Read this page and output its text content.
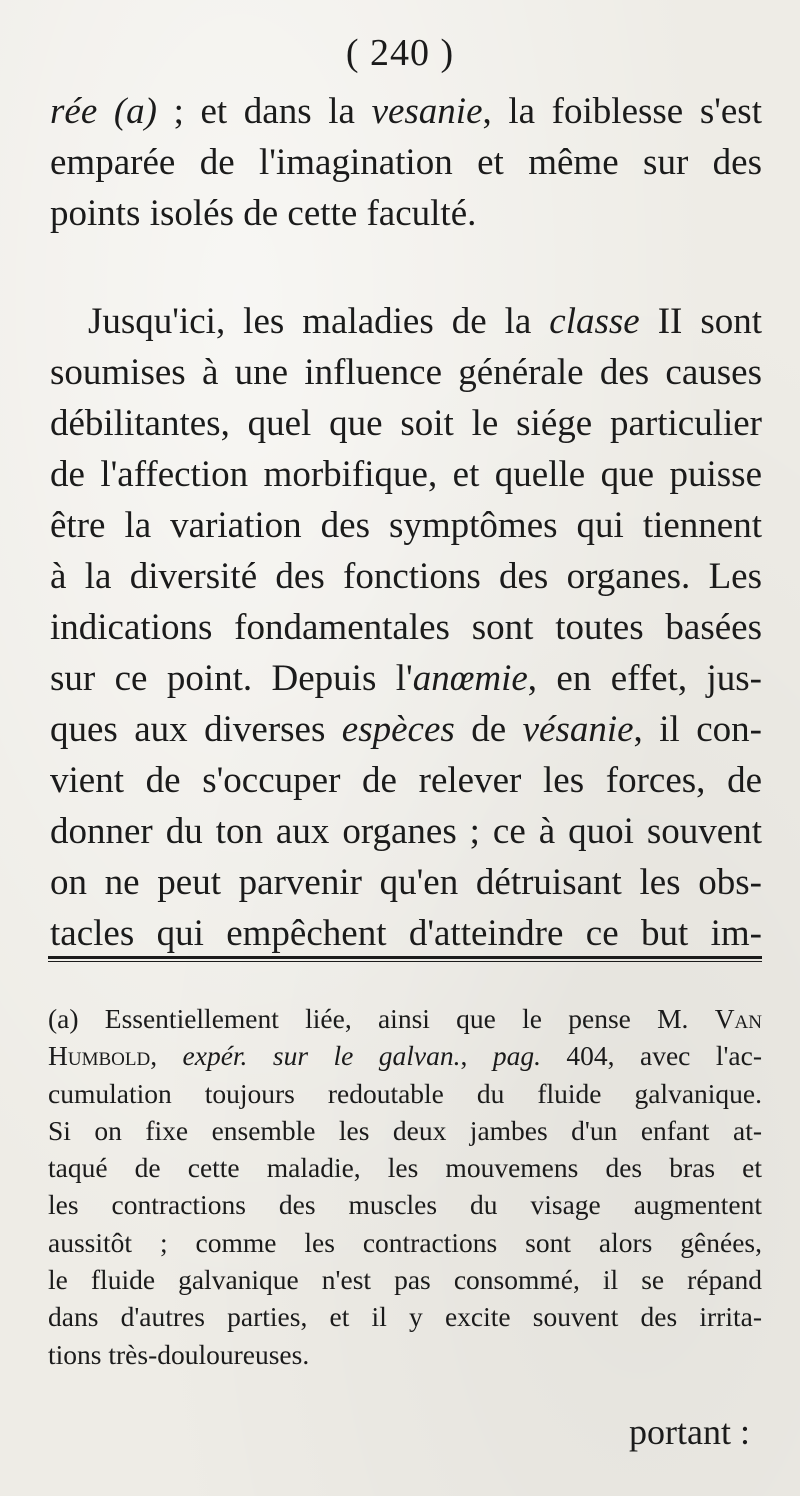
( 240 )
rée (a) ; et dans la vesanie, la foiblesse s'est
emparée de l'imagination et même sur des
points isolés de cette faculté.
Jusqu'ici, les maladies de la classe II sont
soumises à une influence générale des causes
débilitantes, quel que soit le siége particulier
de l'affection morbifique, et quelle que puisse
être la variation des symptômes qui tiennent
à la diversité des fonctions des organes. Les
indications fondamentales sont toutes basées
sur ce point. Depuis l'anœmie, en effet, jus-
ques aux diverses espèces de vésanie, il con-
vient de s'occuper de relever les forces, de
donner du ton aux organes ; ce à quoi souvent
on ne peut parvenir qu'en détruisant les obs-
tacles qui empêchent d'atteindre ce but im-
(a) Essentiellement liée, ainsi que le pense M. Van
Humbold, expér. sur le galvan., pag. 404, avec l'ac-
cumulation toujours redoutable du fluide galvanique.
Si on fixe ensemble les deux jambes d'un enfant at-
taqué de cette maladie, les mouvemens des bras et
les contractions des muscles du visage augmentent
aussitôt ; comme les contractions sont alors gênées,
le fluide galvanique n'est pas consommé, il se répand
dans d'autres parties, et il y excite souvent des irrita-
tions très-douloureuses.
portant :
